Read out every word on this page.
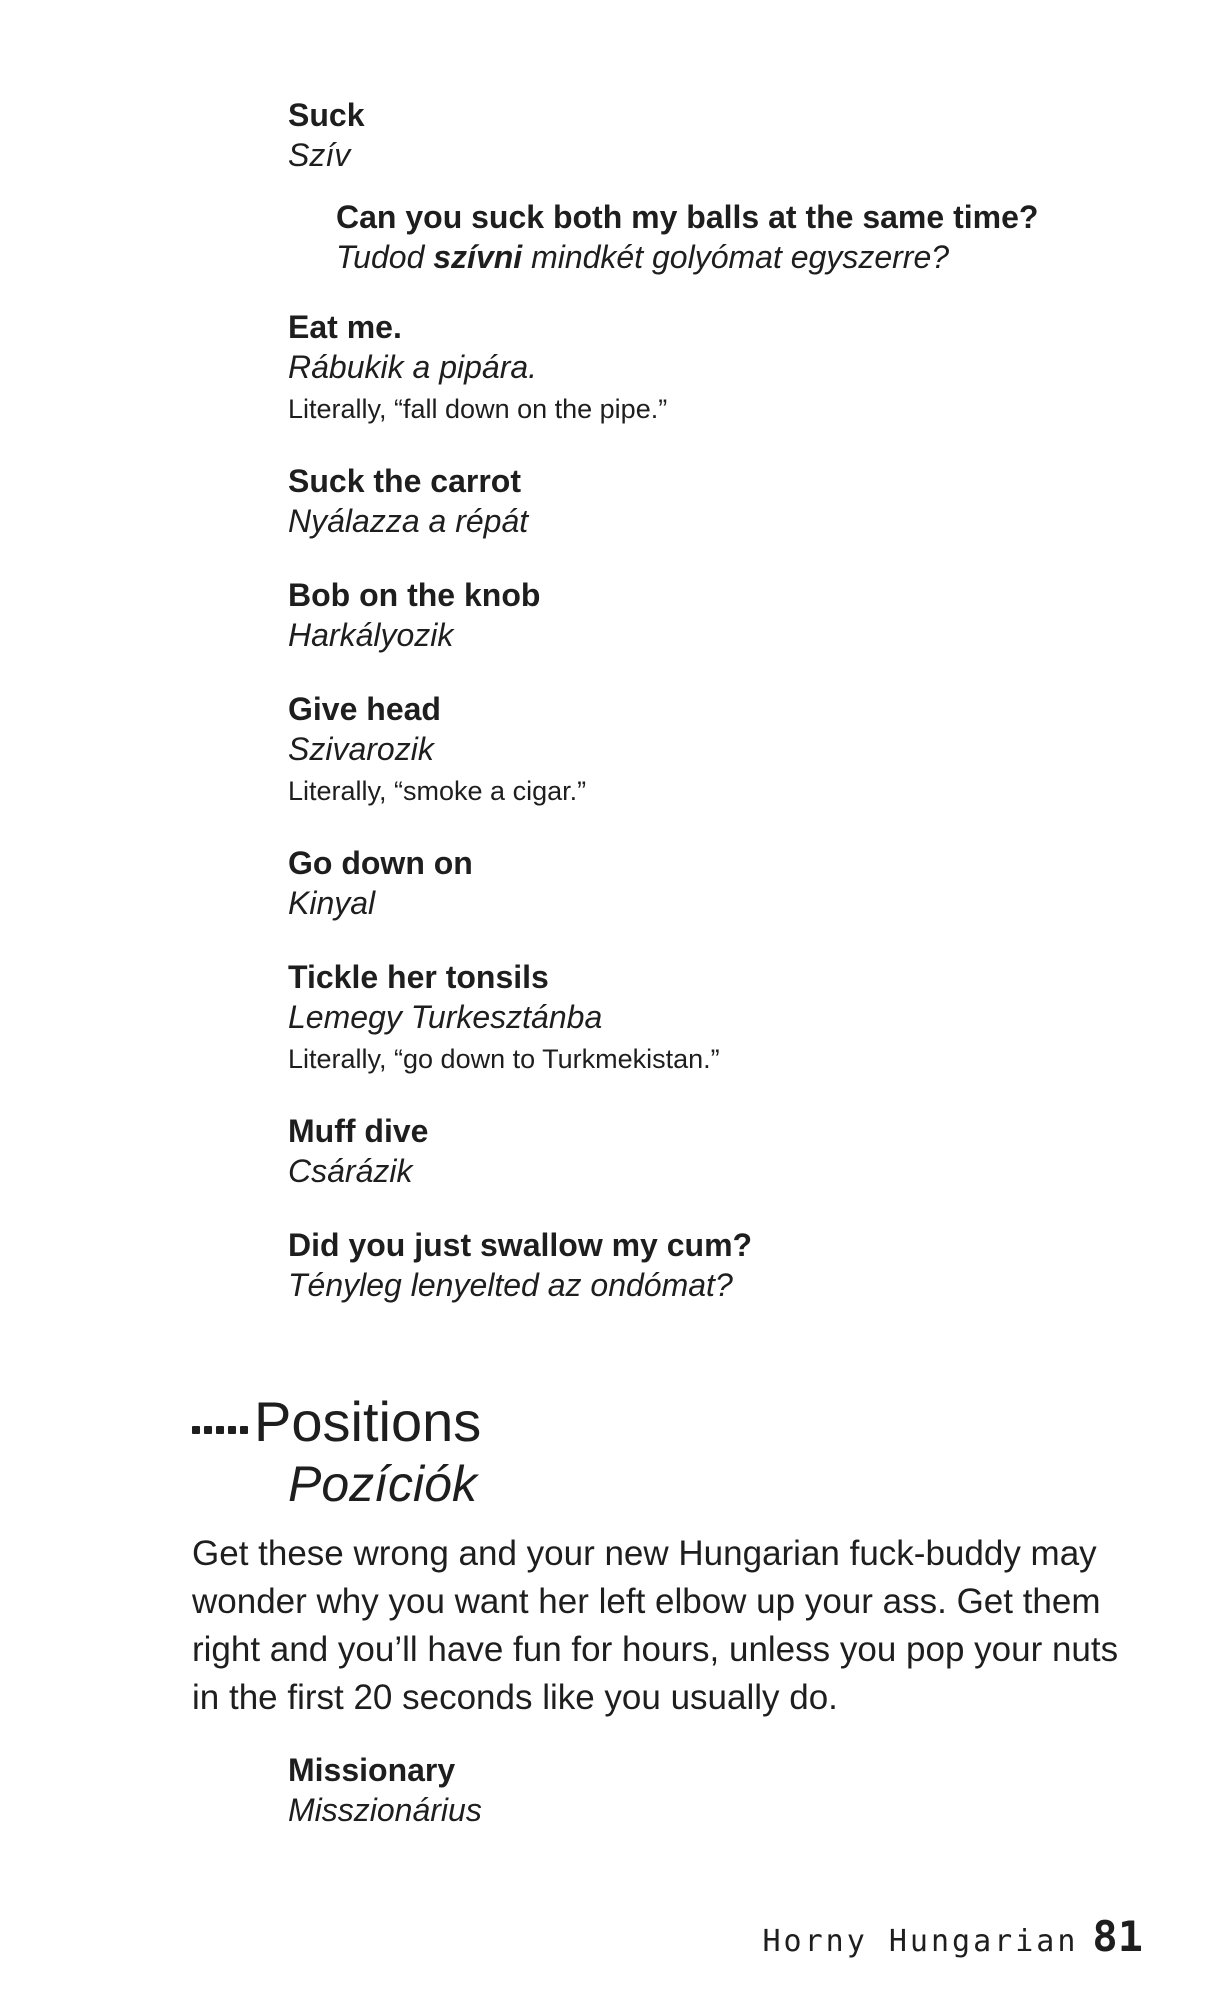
Suck
Szív
Can you suck both my balls at the same time?
Tudod szívni mindkét golyómat egyszerre?
Eat me.
Rábukik a pipára.
Literally, “fall down on the pipe.”
Suck the carrot
Nyálazza a répát
Bob on the knob
Harkályozik
Give head
Szivarozik
Literally, “smoke a cigar.”
Go down on
Kinyal
Tickle her tonsils
Lemegy Turkesztánba
Literally, “go down to Turkmekistan.”
Muff dive
Csárázik
Did you just swallow my cum?
Tényleg lenyelted az ondómat?
Positions
Pozíciók
Get these wrong and your new Hungarian fuck-buddy may wonder why you want her left elbow up your ass. Get them right and you’ll have fun for hours, unless you pop your nuts in the first 20 seconds like you usually do.
Missionary
Misszionárius
Horny Hungarian 81
